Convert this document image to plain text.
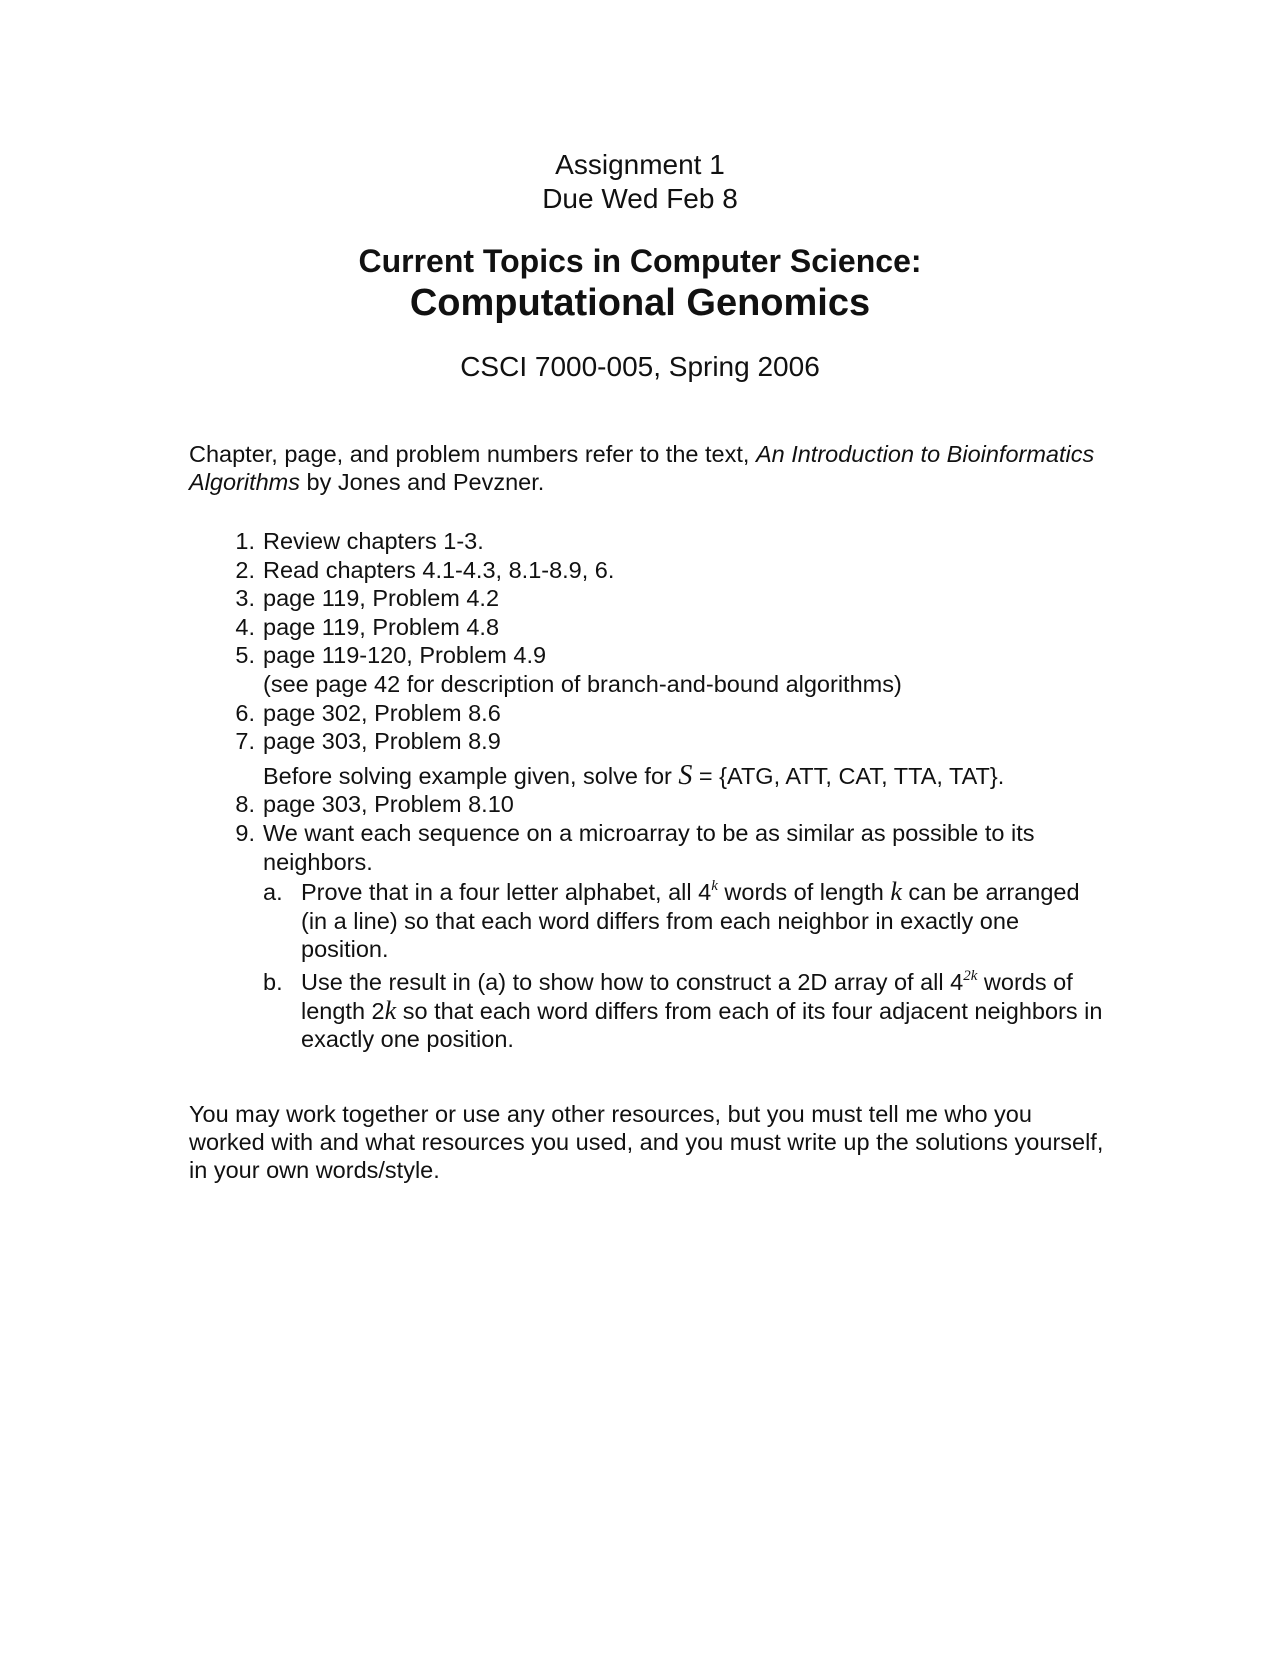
Assignment 1
Due Wed Feb 8
Current Topics in Computer Science:
Computational Genomics
CSCI 7000-005, Spring 2006
Chapter, page, and problem numbers refer to the text, An Introduction to Bioinformatics Algorithms by Jones and Pevzner.
1. Review chapters 1-3.
2. Read chapters 4.1-4.3, 8.1-8.9, 6.
3. page 119, Problem 4.2
4. page 119, Problem 4.8
5. page 119-120, Problem 4.9
(see page 42 for description of branch-and-bound algorithms)
6. page 302, Problem 8.6
7. page 303, Problem 8.9
Before solving example given, solve for S = {ATG, ATT, CAT, TTA, TAT}.
8. page 303, Problem 8.10
9. We want each sequence on a microarray to be as similar as possible to its neighbors.
a. Prove that in a four letter alphabet, all 4$^k$ words of length k can be arranged (in a line) so that each word differs from each neighbor in exactly one position.
b. Use the result in (a) to show how to construct a 2D array of all $4^{2k}$ words of length 2k so that each word differs from each of its four adjacent neighbors in exactly one position.
You may work together or use any other resources, but you must tell me who you worked with and what resources you used, and you must write up the solutions yourself, in your own words/style.
